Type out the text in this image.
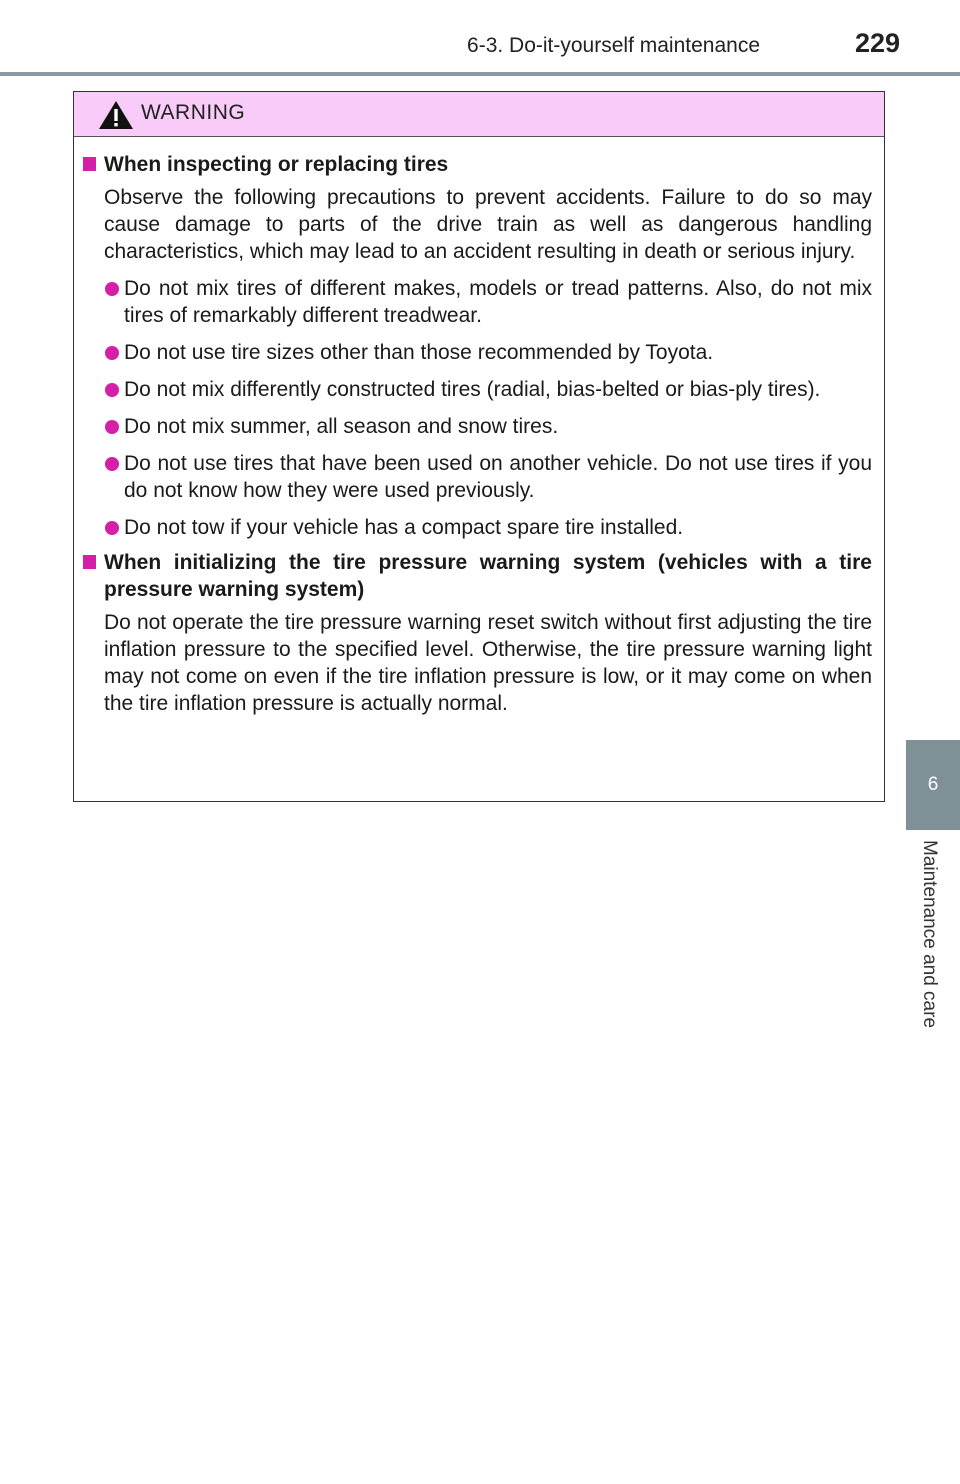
6-3. Do-it-yourself maintenance	229
6
Maintenance and care
WARNING
When inspecting or replacing tires
Observe the following precautions to prevent accidents. Failure to do so may cause damage to parts of the drive train as well as dangerous handling characteristics, which may lead to an accident resulting in death or serious injury.
Do not mix tires of different makes, models or tread patterns. Also, do not mix tires of remarkably different treadwear.
Do not use tire sizes other than those recommended by Toyota.
Do not mix differently constructed tires (radial, bias-belted or bias-ply tires).
Do not mix summer, all season and snow tires.
Do not use tires that have been used on another vehicle. Do not use tires if you do not know how they were used previously.
Do not tow if your vehicle has a compact spare tire installed.
When initializing the tire pressure warning system (vehicles with a tire pressure warning system)
Do not operate the tire pressure warning reset switch without first adjusting the tire inflation pressure to the specified level. Otherwise, the tire pressure warning light may not come on even if the tire inflation pressure is low, or it may come on when the tire inflation pressure is actually normal.
